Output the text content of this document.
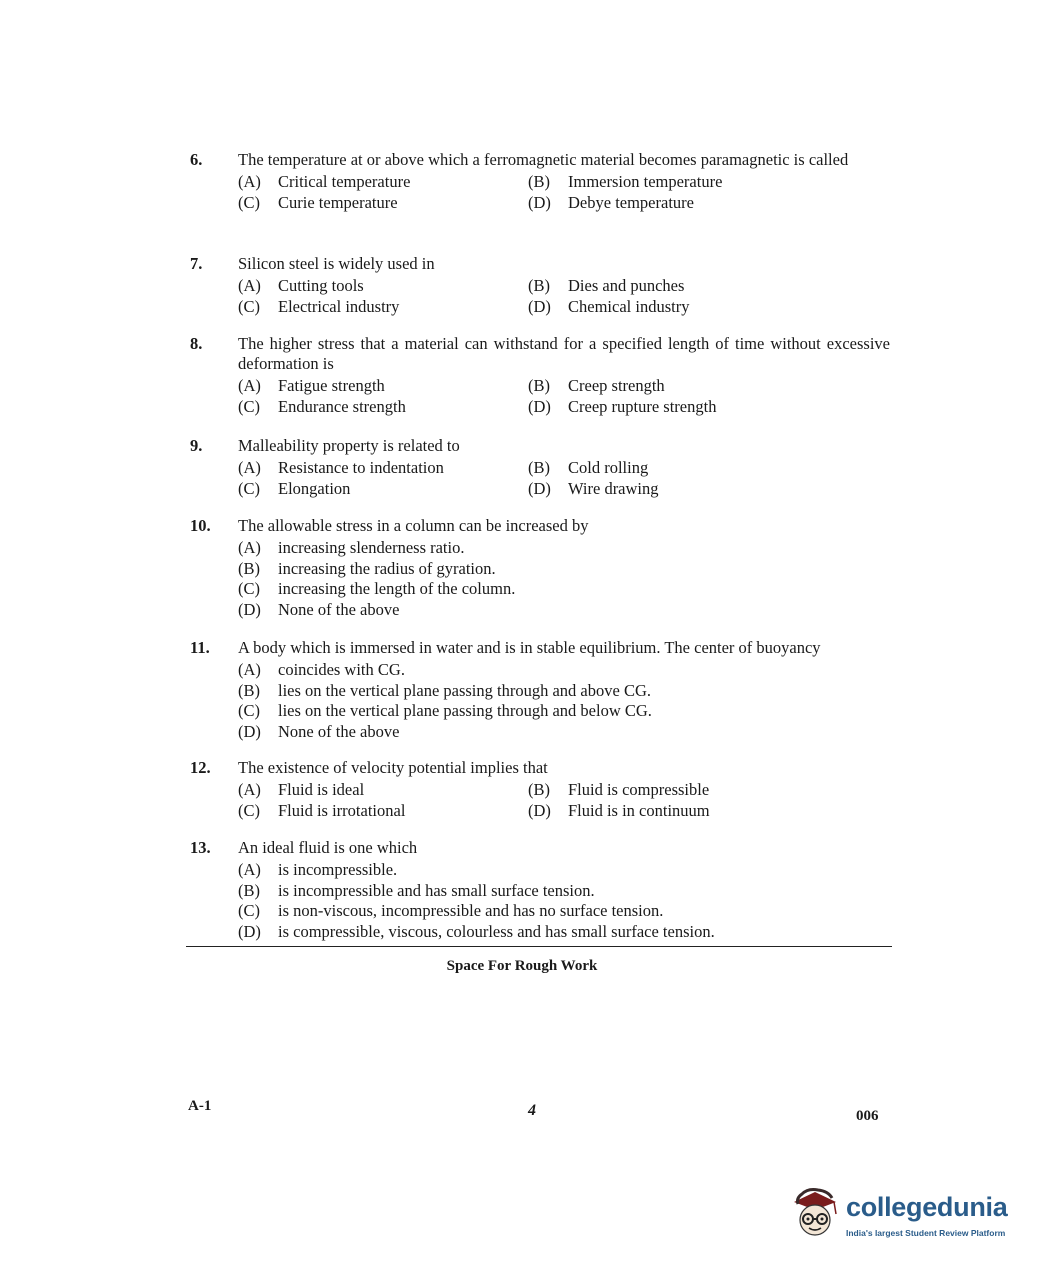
6.	The temperature at or above which a ferromagnetic material becomes paramagnetic is called
(A)	Critical temperature	(B)	Immersion temperature
(C)	Curie temperature	(D)	Debye temperature
7.	Silicon steel is widely used in
(A)	Cutting tools	(B)	Dies and punches
(C)	Electrical industry	(D)	Chemical industry
8.	The higher stress that a material can withstand for a specified length of time without excessive deformation is
(A)	Fatigue strength	(B)	Creep strength
(C)	Endurance strength	(D)	Creep rupture strength
9.	Malleability property is related to
(A)	Resistance to indentation	(B)	Cold rolling
(C)	Elongation	(D)	Wire drawing
10.	The allowable stress in a column can be increased by
(A)	increasing slenderness ratio.
(B)	increasing the radius of gyration.
(C)	increasing the length of the column.
(D)	None of the above
11.	A body which is immersed in water and is in stable equilibrium. The center of buoyancy
(A)	coincides with CG.
(B)	lies on the vertical plane passing through and above CG.
(C)	lies on the vertical plane passing through and below CG.
(D)	None of the above
12.	The existence of velocity potential implies that
(A)	Fluid is ideal	(B)	Fluid is compressible
(C)	Fluid is irrotational	(D)	Fluid is in continuum
13.	An ideal fluid is one which
(A)	is incompressible.
(B)	is incompressible and has small surface tension.
(C)	is non-viscous, incompressible and has no surface tension.
(D)	is compressible, viscous, colourless and has small surface tension.
Space For Rough Work
A-1	4	006
collegedunia
India's largest Student Review Platform
